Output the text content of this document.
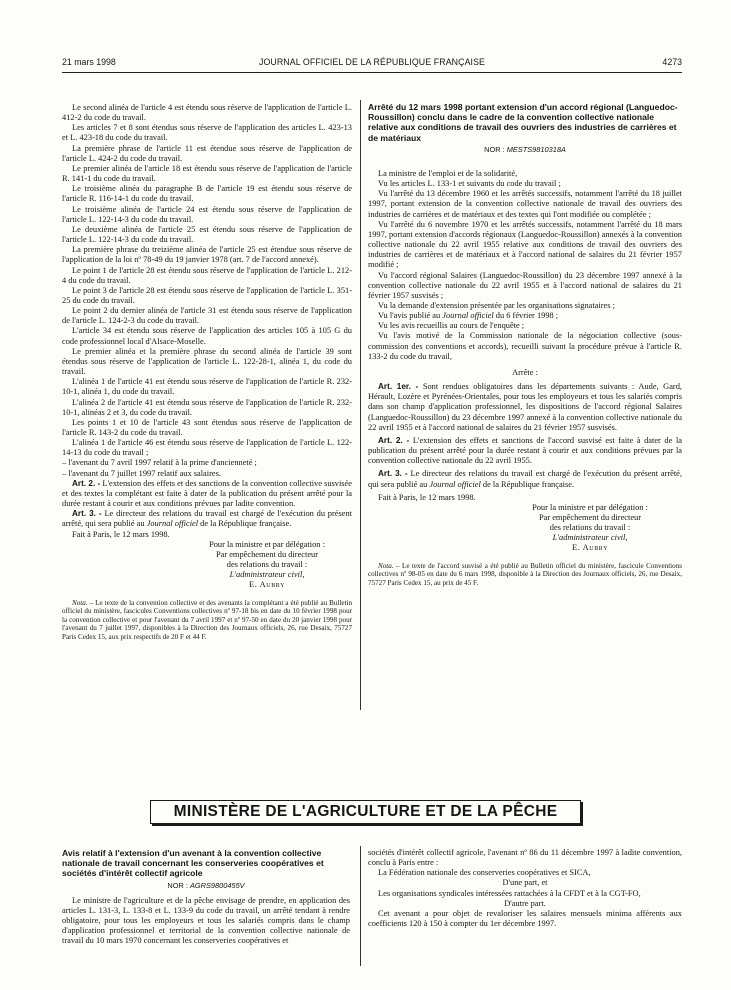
21 mars 1998	JOURNAL OFFICIEL DE LA RÉPUBLIQUE FRANÇAISE	4273

Le second alinéa de l'article 4 est étendu sous réserve de l'application de l'article L. 412-2 du code du travail.

Les articles 7 et 8 sont étendus sous réserve de l'application des articles L. 423-13 et L. 423-18 du code du travail.

La première phrase de l'article 11 est étendue sous réserve de l'application de l'article L. 424-2 du code du travail.

Le premier alinéa de l'article 18 est étendu sous réserve de l'application de l'article R. 141-1 du code du travail.

Le troisième alinéa du paragraphe B de l'article 19 est étendu sous réserve de l'article R. 116-14-1 du code du travail.

Le troisième alinéa de l'article 24 est étendu sous réserve de l'application de l'article L. 122-14-3 du code du travail.

Le deuxième alinéa de l'article 25 est étendu sous réserve de l'application de l'article L. 122-14-3 du code du travail.

La première phrase du treizième alinéa de l'article 25 est étendue sous réserve de l'application de la loi nº 78-49 du 19 janvier 1978 (art. 7 de l'accord annexé).

Le point 1 de l'article 28 est étendu sous réserve de l'application de l'article L. 212-4 du code du travail.

Le point 3 de l'article 28 est étendu sous réserve de l'application de l'article L. 351-25 du code du travail.

Le point 2 du dernier alinéa de l'article 31 est étendu sous réserve de l'application de l'article L. 124-2-3 du code du travail.

L'article 34 est étendu sous réserve de l'application des articles 105 à 105 G du code professionnel local d'Alsace-Moselle.

Le premier alinéa et la première phrase du second alinéa de l'article 39 sont étendus sous réserve de l'application de l'article L. 122-28-1, alinéa 1, du code du travail.

L'alinéa 1 de l'article 41 est étendu sous réserve de l'application de l'article R. 232-10-1, alinéa 1, du code du travail.

L'alinéa 2 de l'article 41 est étendu sous réserve de l'application de l'article R. 232-10-1, alinéas 2 et 3, du code du travail.

Les points 1 et 10 de l'article 43 sont étendus sous réserve de l'application de l'article R. 143-2 du code du travail.

L'alinéa 1 de l'article 46 est étendu sous réserve de l'application de l'article L. 122-14-13 du code du travail ;

– l'avenant du 7 avril 1997 relatif à la prime d'ancienneté ;

– l'avenant du 7 juillet 1997 relatif aux salaires.

Art. 2. - L'extension des effets et des sanctions de la convention collective susvisée et des textes la complétant est faite à dater de la publication du présent arrêté pour la durée restant à courir et aux conditions prévues par ladite convention.

Art. 3. - Le directeur des relations du travail est chargé de l'exécution du présent arrêté, qui sera publié au Journal officiel de la République française.

Fait à Paris, le 12 mars 1998.

Pour la ministre et par délégation :

Par empêchement du directeur

des relations du travail :

L'administrateur civil,

E. Aubry

Nota. – Le texte de la convention collective et des avenants la complétant a été publié au Bulletin officiel du ministère, fascicules Conventions collectives nº 97-18 bis en date du 10 février 1998 pour la convention collective et pour l'avenant du 7 avril 1997 et nº 97-50 en date du 20 janvier 1998 pour l'avenant du 7 juillet 1997, disponibles à la Direction des Journaux officiels, 26, rue Desaix, 75727 Paris Cedex 15, aux prix respectifs de 20 F et 44 F.

Arrêté du 12 mars 1998 portant extension d'un accord régional (Languedoc-Roussillon) conclu dans le cadre de la convention collective nationale relative aux conditions de travail des ouvriers des industries de carrières et de matériaux

NOR : MESTS9810318A

La ministre de l'emploi et de la solidarité,

Vu les articles L. 133-1 et suivants du code du travail ;

Vu l'arrêté du 13 décembre 1960 et les arrêtés successifs, notamment l'arrêté du 18 juillet 1997, portant extension de la convention collective nationale de travail des ouvriers des industries de carrières et de matériaux et des textes qui l'ont modifiée ou complétée ;

Vu l'arrêté du 6 novembre 1970 et les arrêtés successifs, notamment l'arrêté du 18 mars 1997, portant extension d'accords régionaux (Languedoc-Roussillon) annexés à la convention collective nationale du 22 avril 1955 relative aux conditions de travail des ouvriers des industries de carrières et de matériaux et à l'accord national de salaires du 21 février 1957 modifié ;

Vu l'accord régional Salaires (Languedoc-Roussillon) du 23 décembre 1997 annexé à la convention collective nationale du 22 avril 1955 et à l'accord national de salaires du 21 février 1957 susvisés ;

Vu la demande d'extension présentée par les organisations signataires ;

Vu l'avis publié au Journal officiel du 6 février 1998 ;

Vu les avis recueillis au cours de l'enquête ;

Vu l'avis motivé de la Commission nationale de la négociation collective (sous-commission des conventions et accords), recueilli suivant la procédure prévue à l'article R. 133-2 du code du travail,

Arrête :

Art. 1er. - Sont rendues obligatoires dans les départements suivants : Aude, Gard, Hérault, Lozère et Pyrénées-Orientales, pour tous les employeurs et tous les salariés compris dans son champ d'application professionnel, les dispositions de l'accord régional Salaires (Languedoc-Roussillon) du 23 décembre 1997 annexé à la convention collective nationale du 22 avril 1955 et à l'accord national de salaires du 21 février 1957 susvisés.

Art. 2. - L'extension des effets et sanctions de l'accord susvisé est faite à dater de la publication du présent arrêté pour la durée restant à courir et aux conditions prévues par la convention collective nationale du 22 avril 1955.

Art. 3. - Le directeur des relations du travail est chargé de l'exécution du présent arrêté, qui sera publié au Journal officiel de la République française.

Fait à Paris, le 12 mars 1998.

Pour la ministre et par délégation :

Par empêchement du directeur

des relations du travail :

L'administrateur civil,

E. Aubry

Nota. – Le texte de l'accord susvisé a été publié au Bulletin officiel du ministère, fascicule Conventions collectives nº 98-05 en date du 6 mars 1998, disponible à la Direction des Journaux officiels, 26, rue Desaix, 75727 Paris Cedex 15, au prix de 45 F.

MINISTÈRE DE L'AGRICULTURE ET DE LA PÊCHE

Avis relatif à l'extension d'un avenant à la convention collective nationale de travail concernant les conserveries coopératives et sociétés d'intérêt collectif agricole

NOR : AGRS9800455V

Le ministre de l'agriculture et de la pêche envisage de prendre, en application des articles L. 131-3, L. 133-8 et L. 133-9 du code du travail, un arrêté tendant à rendre obligatoire, pour tous les employeurs et tous les salariés compris dans le champ d'application professionnel et territorial de la convention collective nationale de travail du 10 mars 1970 concernant les conserveries coopératives et

sociétés d'intérêt collectif agricole, l'avenant nº 86 du 11 décembre 1997 à ladite convention, conclu à Paris entre :

La Fédération nationale des conserveries coopératives et SICA,

D'une part, et

Les organisations syndicales intéressées rattachées à la CFDT et à la CGT-FO,

D'autre part.

Cet avenant a pour objet de revaloriser les salaires mensuels minima afférents aux coefficients 120 à 150 à compter du 1er décembre 1997.
